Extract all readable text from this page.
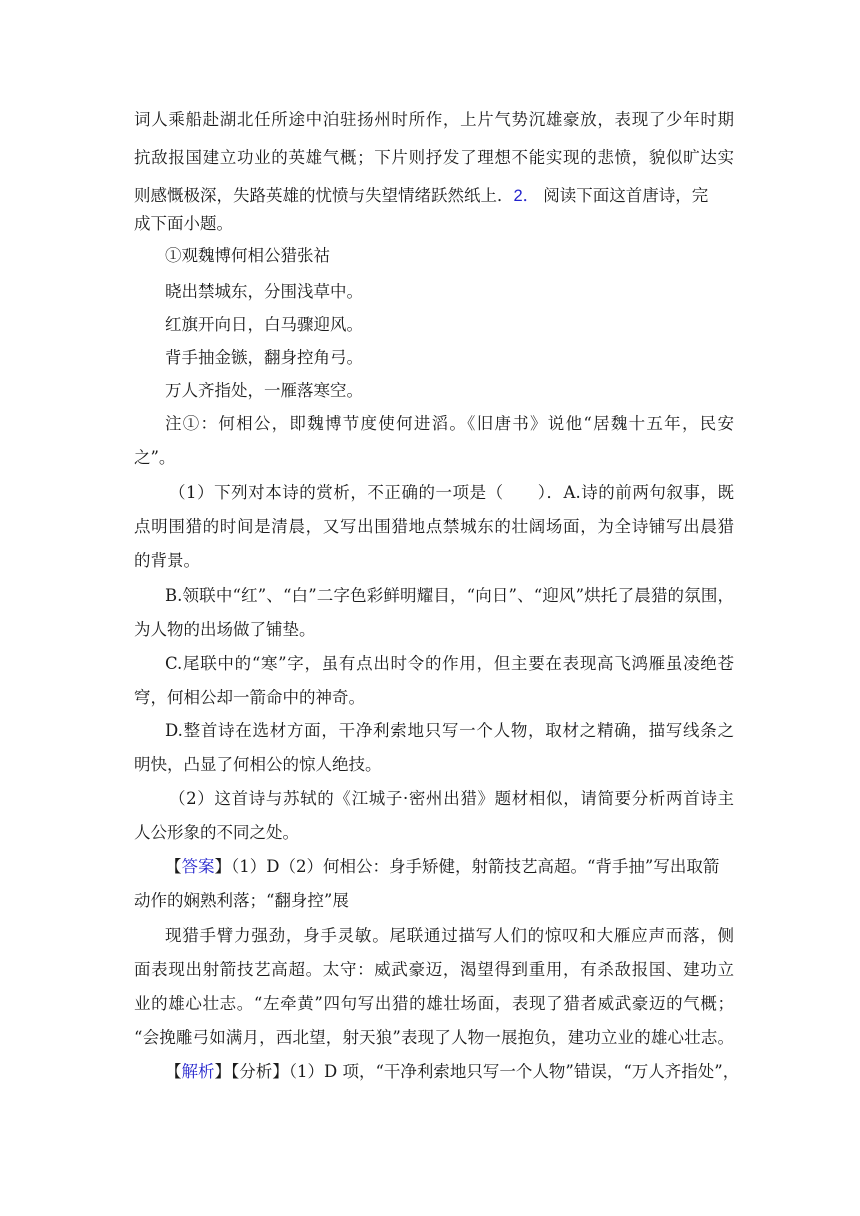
词人乘船赴湖北任所途中泊驻扬州时所作，上片气势沉雄豪放，表现了少年时期
抗敌报国建立功业的英雄气概；下片则抒发了理想不能实现的悲愤，貌似旷达实
则感慨极深，失路英雄的忧愤与失望情绪跃然纸上．2． 阅读下面这首唐诗，完
成下面小题。
①观魏博何相公猎张祜
晓出禁城东，分围浅草中。
红旗开向日，白马骤迎风。
背手抽金镞，翻身控角弓。
万人齐指处，一雁落寒空。
注①：何相公，即魏博节度使何进滔。《旧唐书》说他“居魏十五年，民安
之”。
（1）下列对本诗的赏析，不正确的一项是（　　）．A.诗的前两句叙事，既
点明围猎的时间是清晨，又写出围猎地点禁城东的壮阔场面，为全诗铺写出晨猎
的背景。
B.领联中“红”、“白”二字色彩鲜明耀目，“向日”、“迎风”烘托了晨猎的氛围，
为人物的出场做了铺垫。
C.尾联中的“寒”字，虽有点出时令的作用，但主要在表现高飞鸿雁虽凌绝苍
穹，何相公却一箭命中的神奇。
D.整首诗在选材方面，干净利索地只写一个人物，取材之精确，描写线条之
明快，凸显了何相公的惊人绝技。
（2）这首诗与苏轼的《江城子·密州出猎》题材相似，请简要分析两首诗主
人公形象的不同之处。
【答案】（1）D（2）何相公：身手矫健，射箭技艺高超。“背手抽”写出取箭
动作的娴熟利落；“翻身控”展
现猎手臂力强劲，身手灵敏。尾联通过描写人们的惊叹和大雁应声而落，侧
面表现出射箭技艺高超。太守：威武豪迈，渴望得到重用，有杀敌报国、建功立
业的雄心壮志。“左牵黄”四句写出猎的雄壮场面，表现了猎者威武豪迈的气概；
“会挽雕弓如满月，西北望，射天狼”表现了人物一展抱负，建功立业的雄心壮志。
【解析】【分析】（1）D 项，“干净利索地只写一个人物”错误，“万人齐指处”，
